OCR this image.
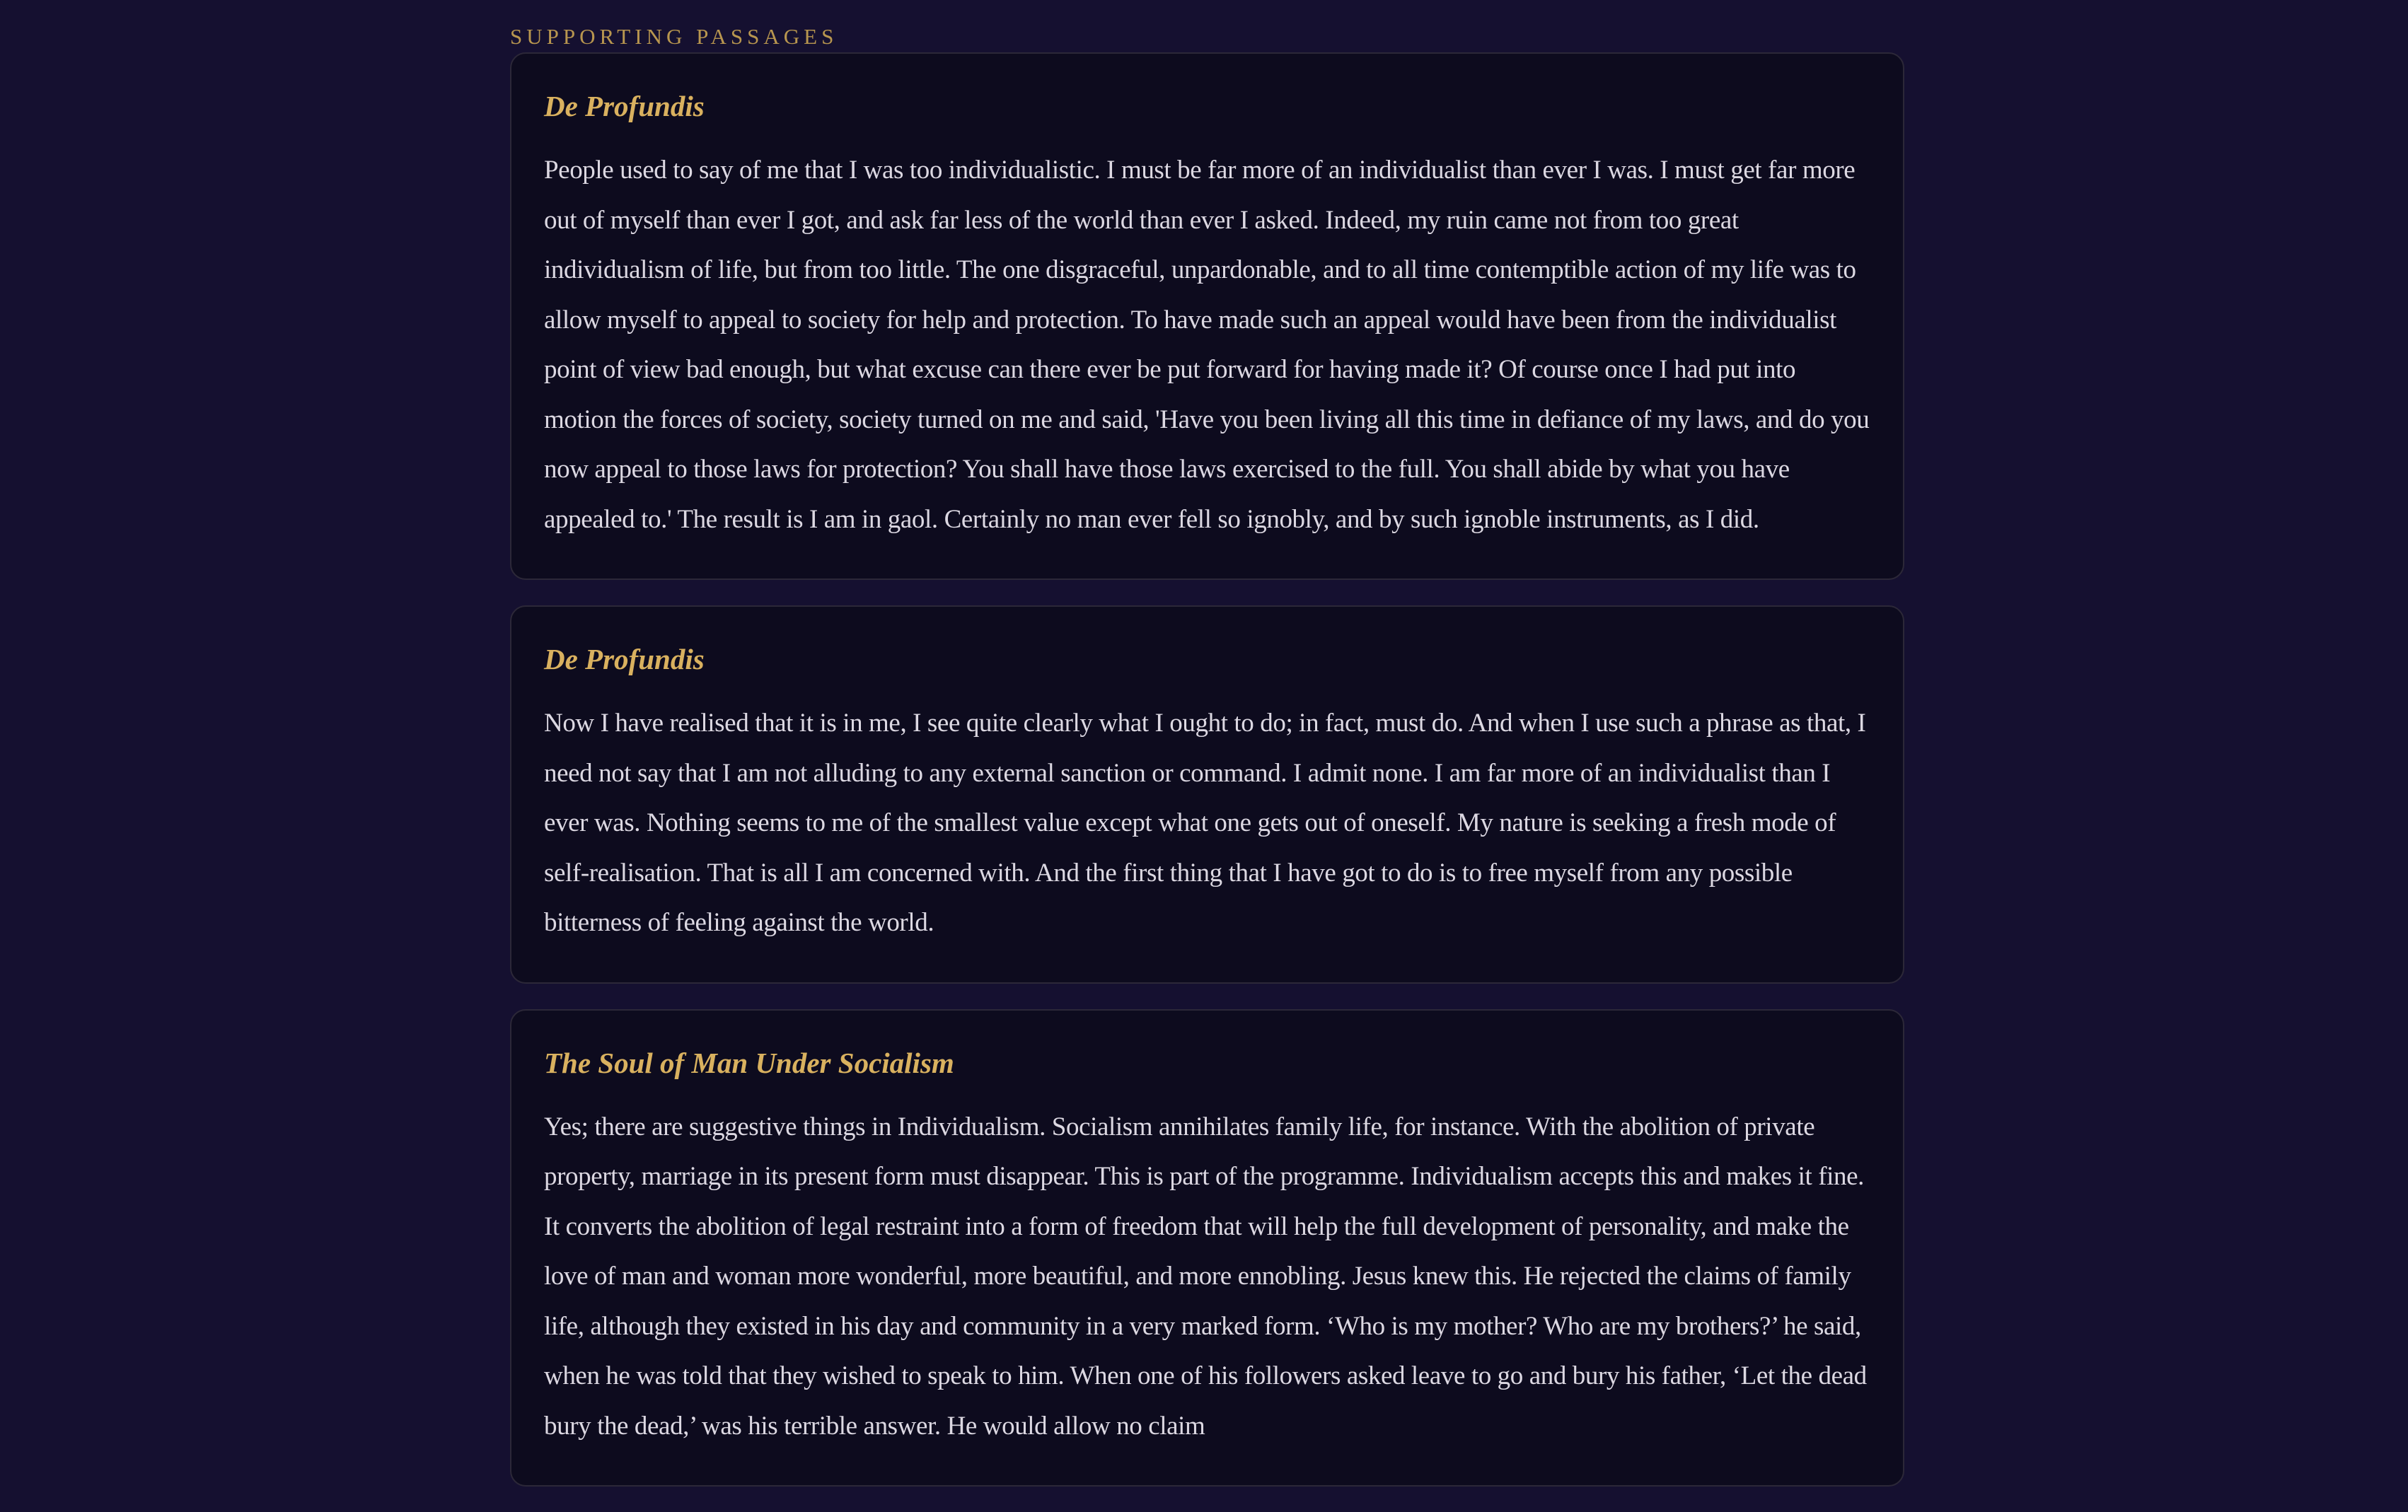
SUPPORTING PASSAGES
De Profundis

People used to say of me that I was too individualistic. I must be far more of an individualist than ever I was. I must get far more out of myself than ever I got, and ask far less of the world than ever I asked. Indeed, my ruin came not from too great individualism of life, but from too little. The one disgraceful, unpardonable, and to all time contemptible action of my life was to allow myself to appeal to society for help and protection. To have made such an appeal would have been from the individualist point of view bad enough, but what excuse can there ever be put forward for having made it? Of course once I had put into motion the forces of society, society turned on me and said, 'Have you been living all this time in defiance of my laws, and do you now appeal to those laws for protection? You shall have those laws exercised to the full. You shall abide by what you have appealed to.' The result is I am in gaol. Certainly no man ever fell so ignobly, and by such ignoble instruments, as I did.

De Profundis

Now I have realised that it is in me, I see quite clearly what I ought to do; in fact, must do. And when I use such a phrase as that, I need not say that I am not alluding to any external sanction or command. I admit none. I am far more of an individualist than I ever was. Nothing seems to me of the smallest value except what one gets out of oneself. My nature is seeking a fresh mode of self-realisation. That is all I am concerned with. And the first thing that I have got to do is to free myself from any possible bitterness of feeling against the world.

The Soul of Man Under Socialism

Yes; there are suggestive things in Individualism. Socialism annihilates family life, for instance. With the abolition of private property, marriage in its present form must disappear. This is part of the programme. Individualism accepts this and makes it fine. It converts the abolition of legal restraint into a form of freedom that will help the full development of personality, and make the love of man and woman more wonderful, more beautiful, and more ennobling. Jesus knew this. He rejected the claims of family life, although they existed in his day and community in a very marked form. ‘Who is my mother? Who are my brothers?’ he said, when he was told that they wished to speak to him. When one of his followers asked leave to go and bury his father, ‘Let the dead bury the dead,’ was his terrible answer. He would allow no claim
